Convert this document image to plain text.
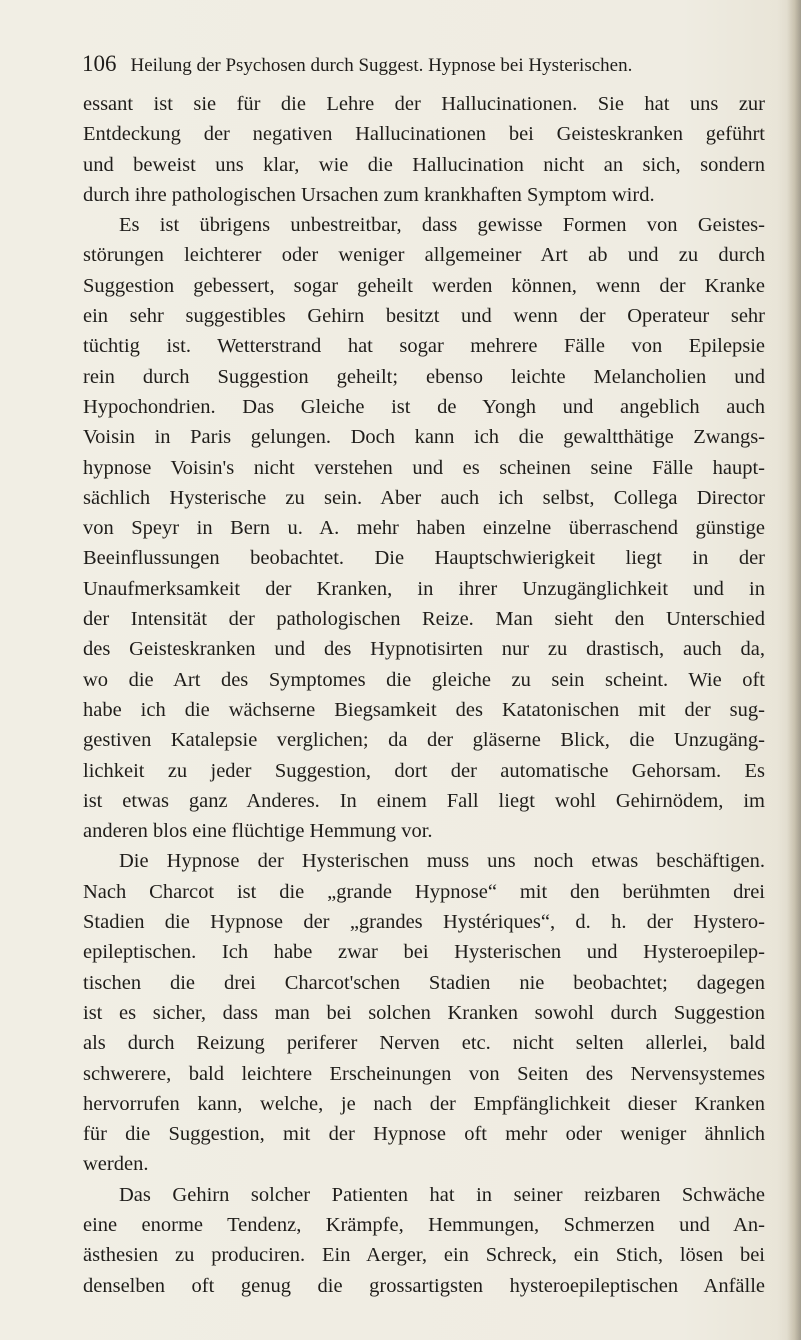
106 Heilung der Psychosen durch Suggest. Hypnose bei Hysterischen.
essant ist sie für die Lehre der Hallucinationen. Sie hat uns zur
Entdeckung der negativen Hallucinationen bei Geisteskranken geführt
und beweist uns klar, wie die Hallucination nicht an sich, sondern
durch ihre pathologischen Ursachen zum krankhaften Symptom wird.
Es ist übrigens unbestreitbar, dass gewisse Formen von Geistes-
störungen leichterer oder weniger allgemeiner Art ab und zu durch
Suggestion gebessert, sogar geheilt werden können, wenn der Kranke
ein sehr suggestibles Gehirn besitzt und wenn der Operateur sehr
tüchtig ist. Wetterstrand hat sogar mehrere Fälle von Epilepsie
rein durch Suggestion geheilt; ebenso leichte Melancholien und
Hypochondrien. Das Gleiche ist de Yongh und angeblich auch
Voisin in Paris gelungen. Doch kann ich die gewaltthätige Zwangs-
hypnose Voisin's nicht verstehen und es scheinen seine Fälle haupt-
sächlich Hysterische zu sein. Aber auch ich selbst, Collega Director
von Speyr in Bern u. A. mehr haben einzelne überraschend günstige
Beeinflussungen beobachtet. Die Hauptschwierigkeit liegt in der
Unaufmerksamkeit der Kranken, in ihrer Unzugänglichkeit und in
der Intensität der pathologischen Reize. Man sieht den Unterschied
des Geisteskranken und des Hypnotisirten nur zu drastisch, auch da,
wo die Art des Symptomes die gleiche zu sein scheint. Wie oft
habe ich die wächserne Biegsamkeit des Katatonischen mit der sug-
gestiven Katalepsie verglichen; da der gläserne Blick, die Unzugäng-
lichkeit zu jeder Suggestion, dort der automatische Gehorsam. Es
ist etwas ganz Anderes. In einem Fall liegt wohl Gehirnödem, im
anderen blos eine flüchtige Hemmung vor.
Die Hypnose der Hysterischen muss uns noch etwas beschäftigen.
Nach Charcot ist die „grande Hypnose“ mit den berühmten drei
Stadien die Hypnose der „grandes Hystériques“, d. h. der Hystero-
epileptischen. Ich habe zwar bei Hysterischen und Hysteroepilep-
tischen die drei Charcot'schen Stadien nie beobachtet; dagegen
ist es sicher, dass man bei solchen Kranken sowohl durch Suggestion
als durch Reizung periferer Nerven etc. nicht selten allerlei, bald
schwerere, bald leichtere Erscheinungen von Seiten des Nervensystemes
hervorrufen kann, welche, je nach der Empfänglichkeit dieser Kranken
für die Suggestion, mit der Hypnose oft mehr oder weniger ähnlich
werden.
Das Gehirn solcher Patienten hat in seiner reizbaren Schwäche
eine enorme Tendenz, Krämpfe, Hemmungen, Schmerzen und An-
ästhesien zu produciren. Ein Aerger, ein Schreck, ein Stich, lösen bei
denselben oft genug die grossartigsten hysteroepileptischen Anfälle
